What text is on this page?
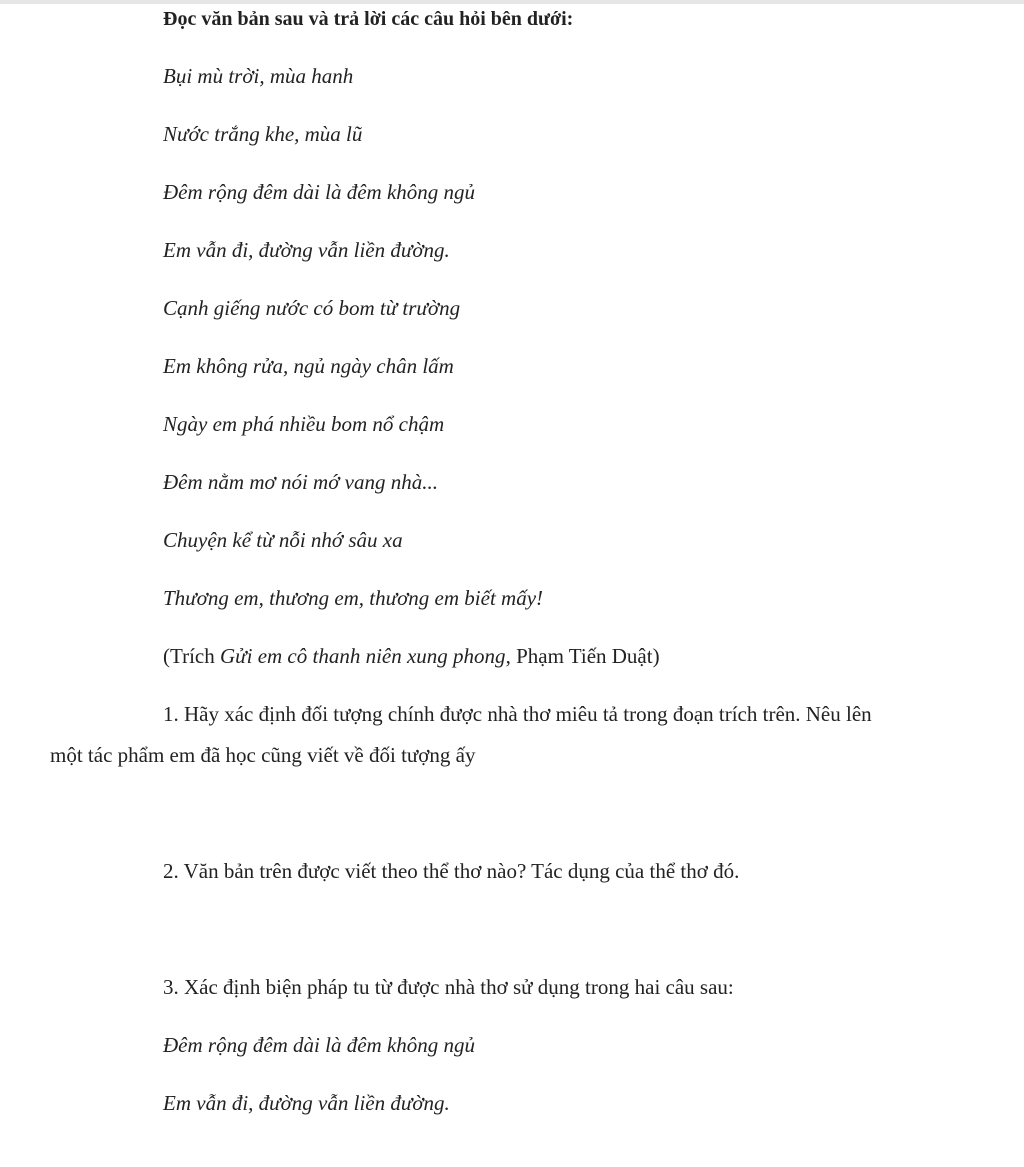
Đọc văn bản sau và trả lời các câu hỏi bên dưới:
Bụi mù trời, mùa hanh
Nước trắng khe, mùa lũ
Đêm rộng đêm dài là đêm không ngủ
Em vẫn đi, đường vẫn liền đường.
Cạnh giếng nước có bom từ trường
Em không rửa, ngủ ngày chân lấm
Ngày em phá nhiều bom nổ chậm
Đêm nằm mơ nói mớ vang nhà...
Chuyện kể từ nỗi nhớ sâu xa
Thương em, thương em, thương em biết mấy!
(Trích Gửi em cô thanh niên xung phong, Phạm Tiến Duật)
1. Hãy xác định đối tượng chính được nhà thơ miêu tả trong đoạn trích trên. Nêu lên
một tác phẩm em đã học cũng viết về đối tượng ấy
2. Văn bản trên được viết theo thể thơ nào? Tác dụng của thể thơ đó.
3. Xác định biện pháp tu từ được nhà thơ sử dụng trong hai câu sau:
Đêm rộng đêm dài là đêm không ngủ
Em vẫn đi, đường vẫn liền đường.
